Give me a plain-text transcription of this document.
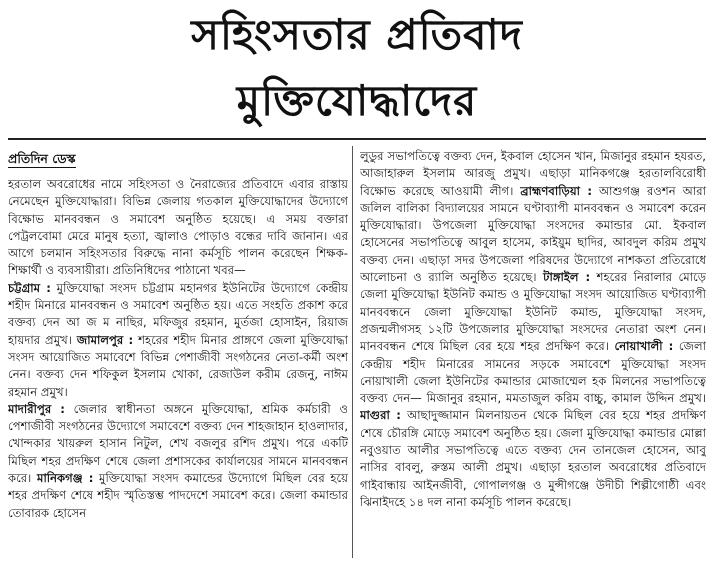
সহিংসতার প্রতিবাদ
মুক্তিযোদ্ধাদের
প্রতিদিন ডেস্ক

হরতাল অবরোধের নামে সহিংসতা ও নৈরাজ্যের প্রতিবাদে এবার রাস্তায় নেমেছেন মুক্তিযোদ্ধারা। বিভিন্ন জেলায় গতকাল মুক্তিযোদ্ধাদের উদ্যোগে বিক্ষোভ মানববন্ধন ও সমাবেশ অনুষ্ঠিত হয়েছে। এ সময় বক্তারা পেট্রলবোমা মেরে মানুষ হত্যা, জ্বালাও পোড়াও বন্ধের দাবি জানান। এর আগে চলমান সহিংসতার বিরুদ্ধে নানা কর্মসূচি পালন করেছেন শিক্ষক-শিক্ষার্থী ও ব্যবসায়ীরা। প্রতিনিধিদের পাঠানো খবর—
চট্টগ্রাম : মুক্তিযোদ্ধা সংসদ চট্টগ্রাম মহানগর ইউনিটের উদ্যোগে কেন্দ্রীয় শহীদ মিনারে মানববন্ধন ও সমাবেশ অনুষ্ঠিত হয়। এতে সংহতি প্রকাশ করে বক্তব্য দেন আ জ ম নাছির, মফিজুর রহমান, মুর্তজা হোসাইন, রিয়াজ হায়দার প্রমুখ। জামালপুর : শহরের শহীদ মিনার প্রাঙ্গণে জেলা মুক্তিযোদ্ধা সংসদ আয়োজিত সমাবেশে বিভিন্ন পেশাজীবী সংগঠনের নেতা-কর্মী অংশ নেন। বক্তব্য দেন শফিকুল ইসলাম খোকা, রেজাউল করীম রেজনু, নাঈম রহমান প্রমুখ।
মাদারীপুর : জেলার স্বাধীনতা অঙ্গনে মুক্তিযোদ্ধা, শ্রমিক কর্মচারী ও পেশাজীবী সংগঠনের উদ্যোগে সমাবেশে বক্তব্য দেন শাহজাহান হাওলাদার, খোন্দকার খায়রুল হাসান নিটুল, শেখ বজলুর রশিদ প্রমুখ। পরে একটি মিছিল শহর প্রদক্ষিণ শেষে জেলা প্রশাসকের কার্যালয়ের সামনে মানববন্ধন করে। মানিকগঞ্জ : মুক্তিযোদ্ধা সংসদ কমান্ডের উদ্যোগে মিছিল বের হয়ে শহর প্রদক্ষিণ শেষে শহীদ স্মৃতিস্তম্ভ পাদদেশে সমাবেশ করে। জেলা কমান্ডার তোবারক হোসেন

লুডুর সভাপতিত্বে বক্তব্য দেন, ইকবাল হোসেন খান, মিজানুর রহমান হযরত, আজাহারুল ইসলাম আরজু প্রমুখ। এছাড়া মানিকগঞ্জে হরতালবিরোধী বিক্ষোভ করেছে আওয়ামী লীগ। ব্রাহ্মণবাড়িয়া : আশুগঞ্জ রওশন আরা জলিল বালিকা বিদ্যালয়ের সামনে ঘণ্টাব্যাপী মানববন্ধন ও সমাবেশ করেন মুক্তিযোদ্ধারা। উপজেলা মুক্তিযোদ্ধা সংসদের কমান্ডার মো. ইকবাল হোসেনের সভাপতিত্বে আবুল হাসেম, কাইয়ুম ছাদির, আবদুল করিম প্রমুখ বক্তব্য দেন। এছাড়া সদর উপজেলা পরিষদের উদ্যোগে নাশকতা প্রতিরোধে আলোচনা ও র‌্যালি অনুষ্ঠিত হয়েছে। টাঙ্গাইল : শহরের নিরালার মোড়ে জেলা মুক্তিযোদ্ধা ইউনিট কমান্ড ও মুক্তিযোদ্ধা সংসদ আয়োজিত ঘণ্টাব্যাপী মানববন্ধনে জেলা মুক্তিযোদ্ধা ইউনিট কমান্ড, মুক্তিযোদ্ধা সংসদ, প্রজন্মলীগসহ ১২টি উপজেলার মুক্তিযোদ্ধা সংসদের নেতারা অংশ নেন। মানববন্ধন শেষে মিছিল বের হয়ে শহর প্রদক্ষিণ করে। নোয়াখালী : জেলা কেন্দ্রীয় শহীদ মিনারের সামনের সড়কে সমাবেশে মুক্তিযোদ্ধা সংসদ নোয়াখালী জেলা ইউনিটের কমান্ডার মোজাম্মেল হক মিলনের সভাপতিত্বে বক্তব্য দেন— মিজানুর রহমান, মমতাজুল করিম বাচ্চু, কামাল উদ্দিন প্রমুখ। মাগুরা : আছাদুজ্জামান মিলনায়তন থেকে মিছিল বের হয়ে শহর প্রদক্ষিণ শেষে চৌরঙ্গি মোড়ে সমাবেশ অনুষ্ঠিত হয়। জেলা মুক্তিযোদ্ধা কমান্ডার মোল্লা নবুওয়াত আলীর সভাপতিত্বে এতে বক্তব্য দেন তানজেল হোসেন, আবু নাসির বাবলু, রুস্তম আলী প্রমুখ। এছাড়া হরতাল অবরোধের প্রতিবাদে গাইবান্ধায় আইনজীবী, গোপালগঞ্জ ও মুন্সীগঞ্জে উদীচী শিল্পীগোষ্ঠী এবং ঝিনাইদহে ১৪ দল নানা কর্মসূচি পালন করেছে।
